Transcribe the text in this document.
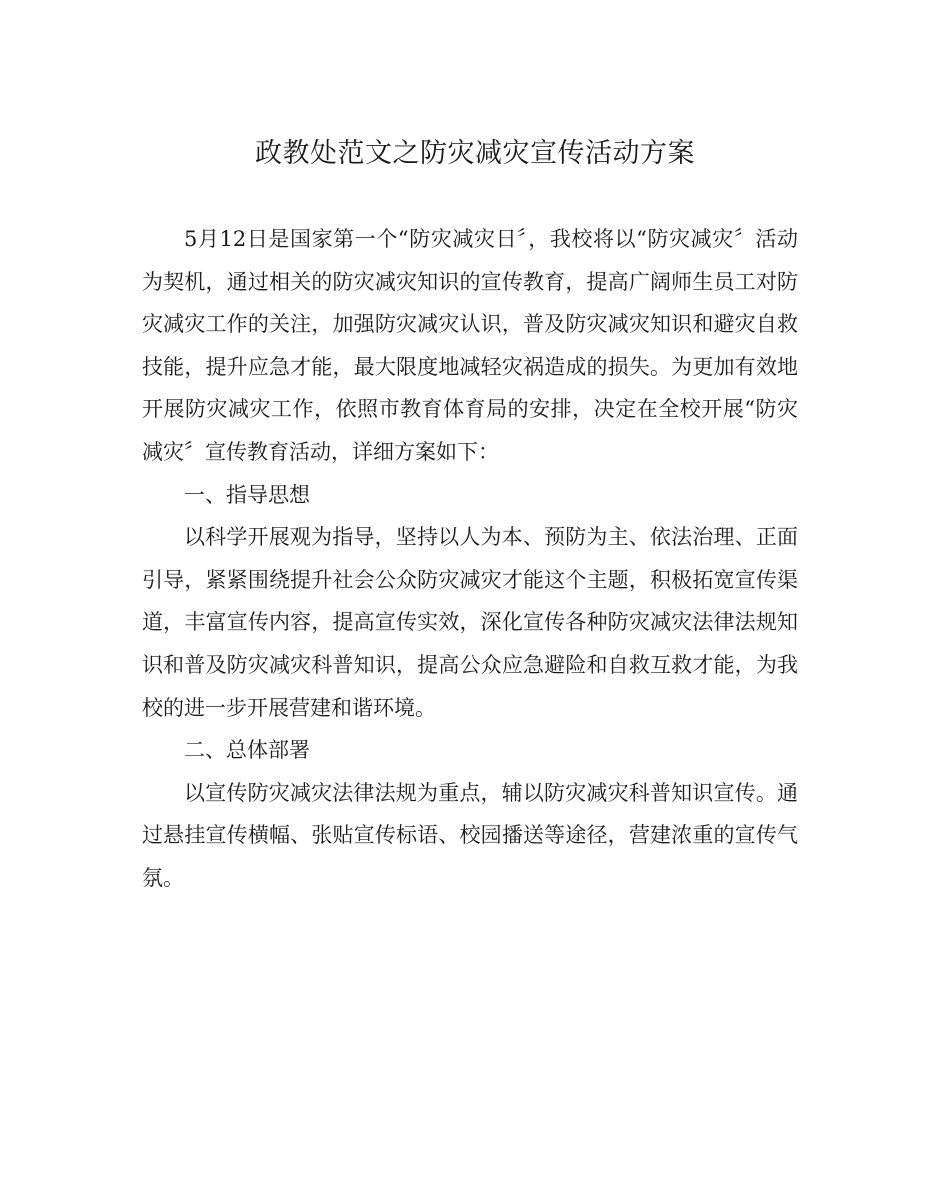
政教处范文之防灾减灾宣传活动方案

5月12日是国家第一个“防灾减灾日〞，我校将以“防灾减灾〞活动为契机，通过相关的防灾减灾知识的宣传教育，提高广阔师生员工对防灾减灾工作的关注，加强防灾减灾认识，普及防灾减灾知识和避灾自救技能，提升应急才能，最大限度地减轻灾祸造成的损失。为更加有效地开展防灾减灾工作，依照市教育体育局的安排，决定在全校开展“防灾减灾〞宣传教育活动，详细方案如下：

一、指导思想

以科学开展观为指导，坚持以人为本、预防为主、依法治理、正面引导，紧紧围绕提升社会公众防灾减灾才能这个主题，积极拓宽宣传渠道，丰富宣传内容，提高宣传实效，深化宣传各种防灾减灾法律法规知识和普及防灾减灾科普知识，提高公众应急避险和自救互救才能，为我校的进一步开展营建和谐环境。

二、总体部署

以宣传防灾减灾法律法规为重点，辅以防灾减灾科普知识宣传。通过悬挂宣传横幅、张贴宣传标语、校园播送等途径，营建浓重的宣传气氛。
